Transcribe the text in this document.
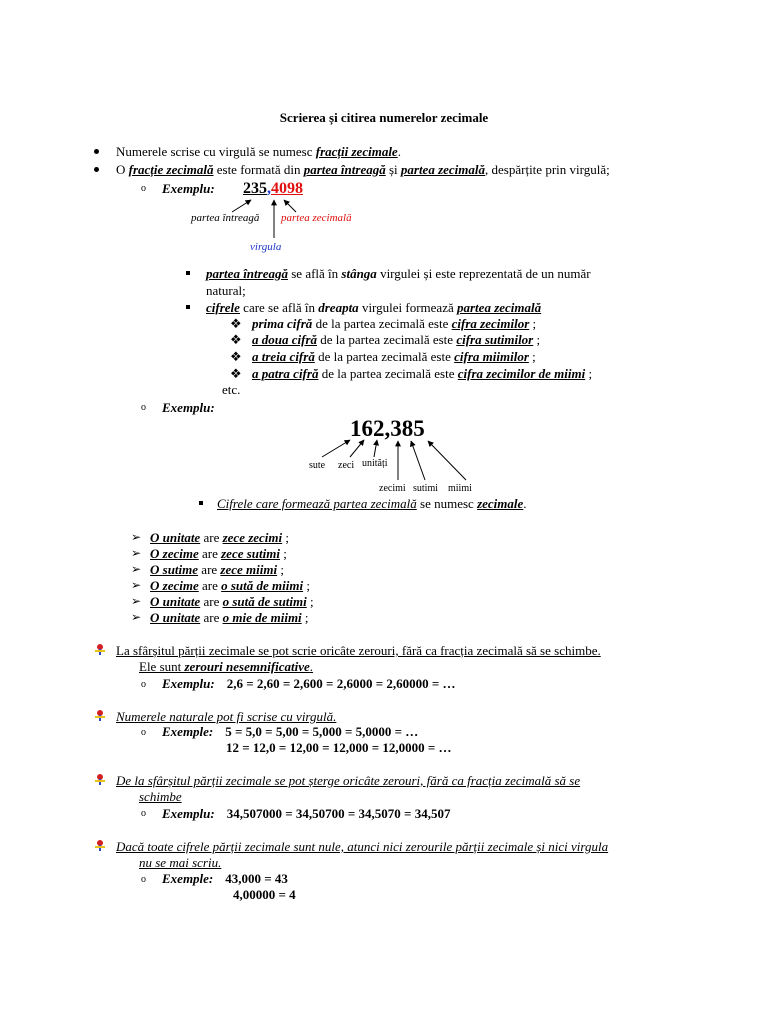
Scrierea și citirea numerelor zecimale
Numerele scrise cu virgulă se numesc fracții zecimale.
O fracție zecimală este formată din partea întreagă și partea zecimală, despărțite prin virgulă;
o Exemplu: 235,4098
partea întreagă partea zecimală
virgula
partea întreagă se află în stânga virgulei și este reprezentată de un număr
natural;
cifrele care se află în dreapta virgulei formează partea zecimală
❖ prima cifră de la partea zecimală este cifra zecimilor ;
❖ a doua cifră de la partea zecimală este cifra sutimilor ;
❖ a treia cifră de la partea zecimală este cifra miimilor ;
❖ a patra cifră de la partea zecimală este cifra zecimilor de miimi ;
etc.
o Exemplu:
162,385
sute zeci unități
zecimi sutimi miimi
Cifrele care formează partea zecimală se numesc zecimale.
➢ O unitate are zece zecimi ;
➢ O zecime are zece sutimi ;
➢ O sutime are zece miimi ;
➢ O zecime are o sută de miimi ;
➢ O unitate are o sută de sutimi ;
➢ O unitate are o mie de miimi ;
La sfârșitul părții zecimale se pot scrie oricâte zerouri, fără ca fracția zecimală să se schimbe.
Ele sunt zerouri nesemnificative.
o Exemplu: 2,6 = 2,60 = 2,600 = 2,6000 = 2,60000 = …
Numerele naturale pot fi scrise cu virgulă.
o Exemple: 5 = 5,0 = 5,00 = 5,000 = 5,0000 = …
12 = 12,0 = 12,00 = 12,000 = 12,0000 = …
De la sfârșitul părții zecimale se pot șterge oricâte zerouri, fără ca fracția zecimală să se
schimbe
o Exemplu: 34,507000 = 34,50700 = 34,5070 = 34,507
Dacă toate cifrele părții zecimale sunt nule, atunci nici zerourile părții zecimale și nici virgula
nu se mai scriu.
o Exemple: 43,000 = 43
4,00000 = 4
